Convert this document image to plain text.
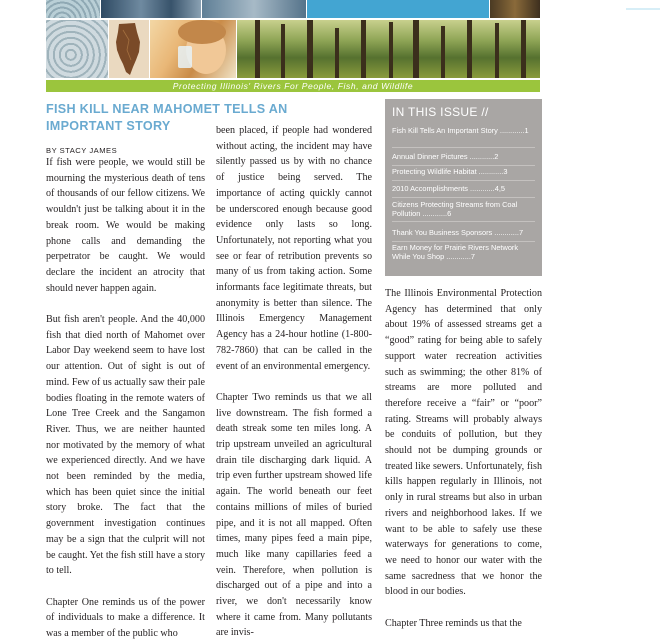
Protecting Illinois' Rivers For People, Fish, and Wildlife
FISH KILL NEAR MAHOMET TELLS AN IMPORTANT STORY
BY STACY JAMES

If fish were people, we would still be mourning the mysterious death of tens of thousands of our fellow citizens. We wouldn't just be talking about it in the break room. We would be making phone calls and demanding the perpetrator be caught. We would declare the incident an atrocity that should never happen again.

But fish aren't people. And the 40,000 fish that died north of Mahomet over Labor Day weekend seem to have lost our attention. Out of sight is out of mind. Few of us actually saw their pale bodies floating in the remote waters of Lone Tree Creek and the Sangamon River. Thus, we are neither haunted nor motivated by the memory of what we experienced directly. And we have not been reminded by the media, which has been quiet since the initial story broke. The fact that the government investigation continues may be a sign that the culprit will not be caught. Yet the fish still have a story to tell.

Chapter One reminds us of the power of individuals to make a difference. It was a member of the public who

been placed, if people had wondered without acting, the incident may have silently passed us by with no chance of justice being served. The importance of acting quickly cannot be underscored enough because good evidence only lasts so long. Unfortunately, not reporting what you see or fear of retribution prevents so many of us from taking action. Some informants face legitimate threats, but anonymity is better than silence. The Illinois Emergency Management Agency has a 24-hour hotline (1-800-782-7860) that can be called in the event of an environmental emergency.

Chapter Two reminds us that we all live downstream. The fish formed a death streak some ten miles long. A trip upstream unveiled an agricultural drain tile discharging dark liquid. A trip even further upstream showed life again. The world beneath our feet contains millions of miles of buried pipe, and it is not all mapped. Often times, many pipes feed a main pipe, much like many capillaries feed a vein. Therefore, when pollution is discharged out of a pipe and into a river, we don't necessarily know where it came from. Many pollutants are invis-

IN THIS ISSUE //
Fish Kill Tells An Important Story ............1
Annual Dinner Pictures ............2
Protecting Wildlife Habitat ............3
2010 Accomplishments ............4,5
Citizens Protecting Streams from Coal Pollution ............6
Thank You Business Sponsors ............7
Earn Money for Prairie Rivers Network While You Shop ............7

The Illinois Environmental Protection Agency has determined that only about 19% of assessed streams get a “good” rating for being able to safely support water recreation activities such as swimming; the other 81% of streams are more polluted and therefore receive a “fair” or “poor” rating. Streams will probably always be conduits of pollution, but they should not be dumping grounds or treated like sewers. Unfortunately, fish kills happen regularly in Illinois, not only in rural streams but also in urban rivers and neighborhood lakes. If we want to be able to safely use these waterways for generations to come, we need to honor our water with the same sacredness that we honor the blood in our bodies.

Chapter Three reminds us that the
